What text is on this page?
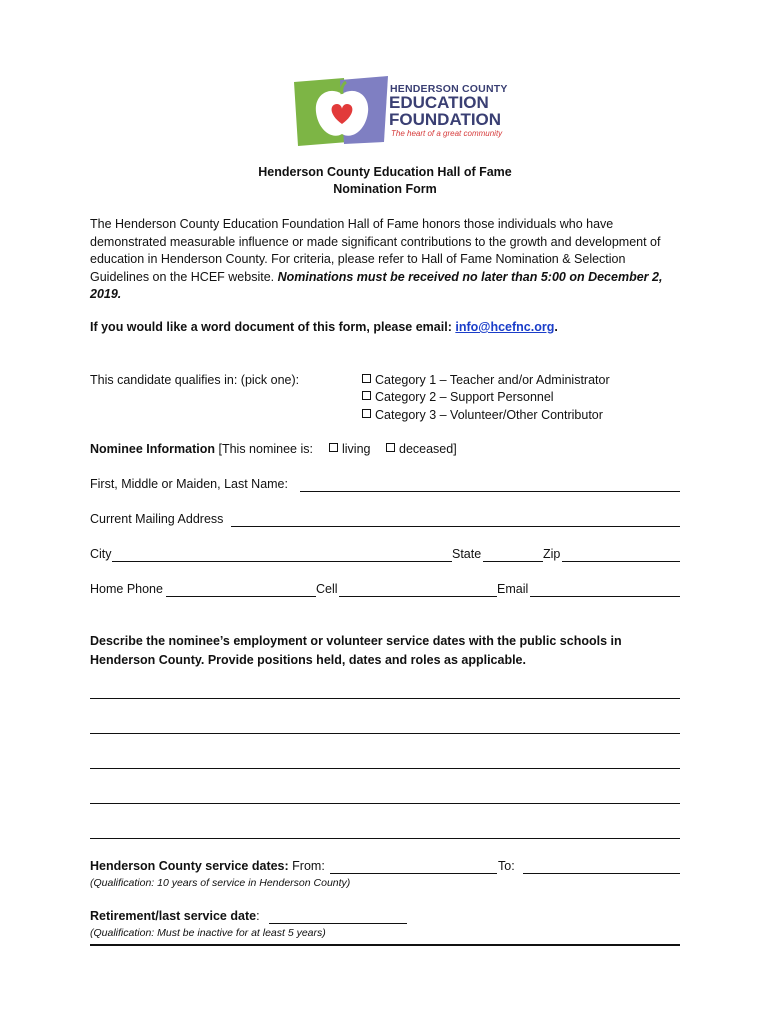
HENDERSON COUNTY
EDUCATION
FOUNDATION
The heart of a great community
Henderson County Education Hall of Fame
Nomination Form
The Henderson County Education Foundation Hall of Fame honors those individuals who have demonstrated measurable influence or made significant contributions to the growth and development of education in Henderson County. For criteria, please refer to Hall of Fame Nomination & Selection Guidelines on the HCEF website. Nominations must be received no later than 5:00 on December 2, 2019.
If you would like a word document of this form, please email: info@hcefnc.org.
This candidate qualifies in: (pick one):	Category 1 – Teacher and/or Administrator
Category 2 – Support Personnel
Category 3 – Volunteer/Other Contributor
Nominee Information [This nominee is:	living	deceased]
First, Middle or Maiden, Last Name:
Current Mailing Address
City	State	Zip
Home Phone	Cell	Email
Describe the nominee’s employment or volunteer service dates with the public schools in Henderson County. Provide positions held, dates and roles as applicable.
Henderson County service dates: From:	To:
(Qualification: 10 years of service in Henderson County)
Retirement/last service date:
(Qualification: Must be inactive for at least 5 years)
